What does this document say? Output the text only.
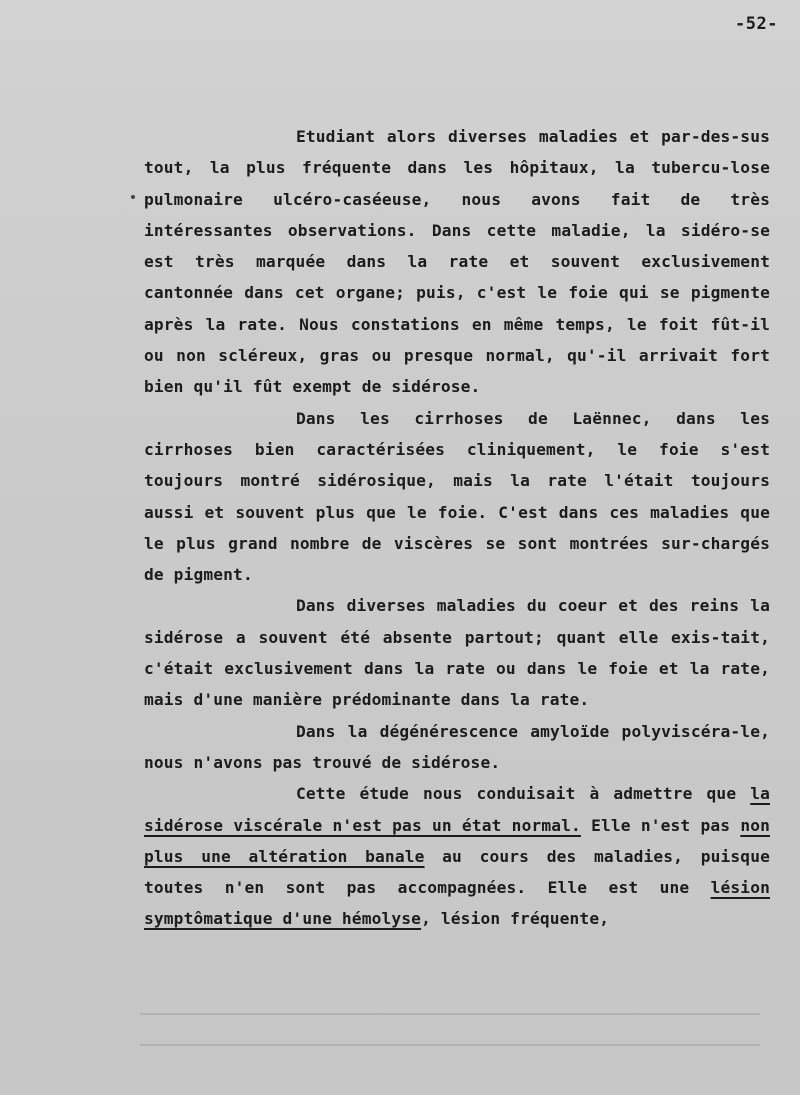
-52-

Etudiant alors diverses maladies et par-des-sus tout, la plus fréquente dans les hôpitaux, la tubercu-lose pulmonaire ulcéro-caséeuse, nous avons fait de très intéressantes observations. Dans cette maladie, la sidéro-se est très marquée dans la rate et souvent exclusivement cantonnée dans cet organe; puis, c'est le foie qui se pigmente après la rate. Nous constations en même temps, le foit fût-il ou non scléreux, gras ou presque normal, qu'-il arrivait fort bien qu'il fût exempt de sidérose.

Dans les cirrhoses de Laënnec, dans les cirrhoses bien caractérisées cliniquement, le foie s'est toujours montré sidérosique, mais la rate l'était toujours aussi et souvent plus que le foie. C'est dans ces maladies que le plus grand nombre de viscères se sont montrées sur-chargés de pigment.

Dans diverses maladies du coeur et des reins la sidérose a souvent été absente partout; quant elle exis-tait, c'était exclusivement dans la rate ou dans le foie et la rate, mais d'une manière prédominante dans la rate.

Dans la dégénérescence amyloïde polyviscéra-le, nous n'avons pas trouvé de sidérose.

Cette étude nous conduisait à admettre que la sidérose viscérale n'est pas un état normal. Elle n'est pas non plus une altération banale au cours des maladies, puisque toutes n'en sont pas accompagnées. Elle est une lésion symptômatique d'une hémolyse, lésion fréquente,
